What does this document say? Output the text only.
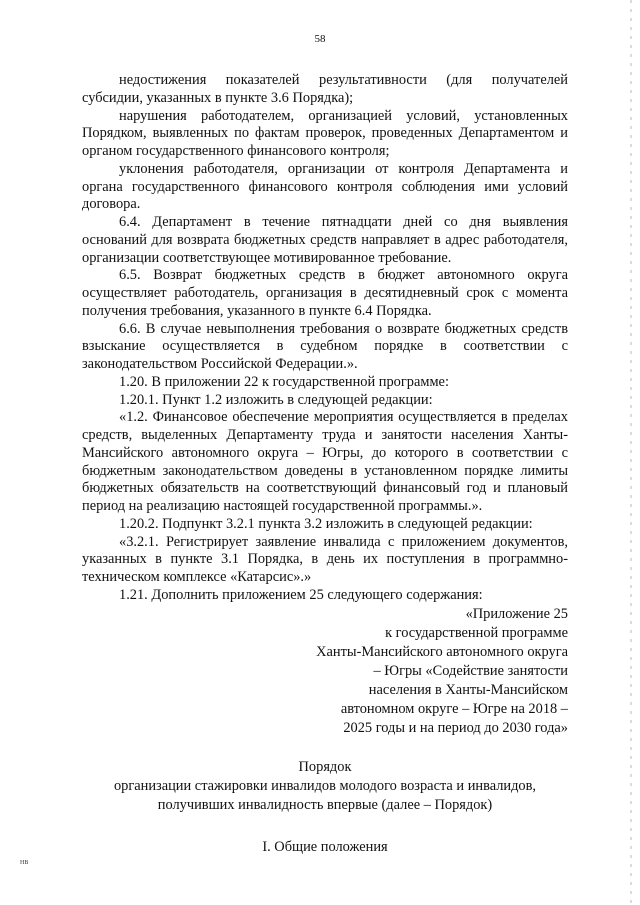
58

недостижения показателей результативности (для получателей субсидии, указанных в пункте 3.6 Порядка);

нарушения работодателем, организацией условий, установленных Порядком, выявленных по фактам проверок, проведенных Департаментом и органом государственного финансового контроля;

уклонения работодателя, организации от контроля Департамента и органа государственного финансового контроля соблюдения ими условий договора.

6.4. Департамент в течение пятнадцати дней со дня выявления оснований для возврата бюджетных средств направляет в адрес работодателя, организации соответствующее мотивированное требование.

6.5. Возврат бюджетных средств в бюджет автономного округа осуществляет работодатель, организация в десятидневный срок с момента получения требования, указанного в пункте 6.4 Порядка.

6.6. В случае невыполнения требования о возврате бюджетных средств взыскание осуществляется в судебном порядке в соответствии с законодательством Российской Федерации.».

1.20. В приложении 22 к государственной программе:

1.20.1. Пункт 1.2 изложить в следующей редакции:

«1.2. Финансовое обеспечение мероприятия осуществляется в пределах средств, выделенных Департаменту труда и занятости населения Ханты-Мансийского автономного округа – Югры, до которого в соответствии с бюджетным законодательством доведены в установленном порядке лимиты бюджетных обязательств на соответствующий финансовый год и плановый период на реализацию настоящей государственной программы.».

1.20.2. Подпункт 3.2.1 пункта 3.2 изложить в следующей редакции:

«3.2.1. Регистрирует заявление инвалида с приложением документов, указанных в пункте 3.1 Порядка, в день их поступления в программно-техническом комплексе «Катарсис».»

1.21. Дополнить приложением 25 следующего содержания:

«Приложение 25
к государственной программе
Ханты-Мансийского автономного округа
– Югры «Содействие занятости
населения в Ханты-Мансийском
автономном округе – Югре на 2018 –
2025 годы и на период до 2030 года»
Порядок
организации стажировки инвалидов молодого возраста и инвалидов,
получивших инвалидность впервые (далее – Порядок)
I. Общие положения
НВ
